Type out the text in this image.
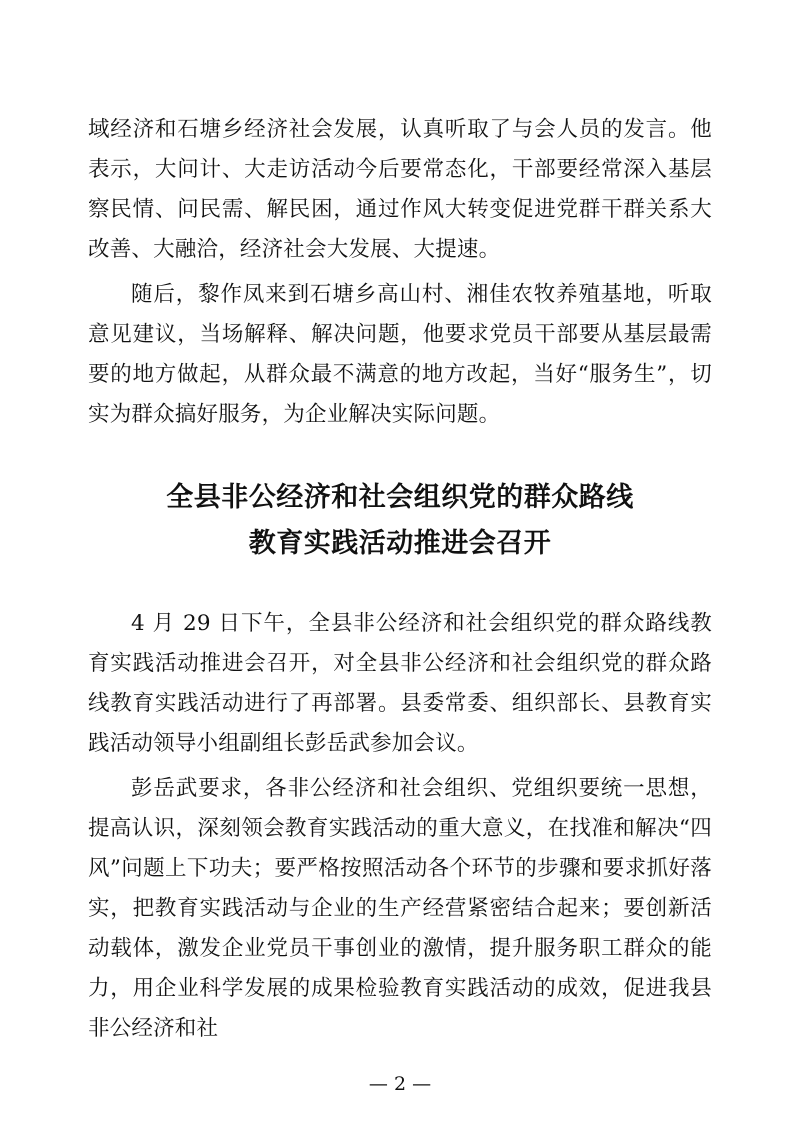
域经济和石塘乡经济社会发展，认真听取了与会人员的发言。他表示，大问计、大走访活动今后要常态化，干部要经常深入基层察民情、问民需、解民困，通过作风大转变促进党群干群关系大改善、大融洽，经济社会大发展、大提速。

随后，黎作凤来到石塘乡高山村、湘佳农牧养殖基地，听取意见建议，当场解释、解决问题，他要求党员干部要从基层最需要的地方做起，从群众最不满意的地方改起，当好“服务生”，切实为群众搞好服务，为企业解决实际问题。

全县非公经济和社会组织党的群众路线
教育实践活动推进会召开

4 月 29 日下午，全县非公经济和社会组织党的群众路线教育实践活动推进会召开，对全县非公经济和社会组织党的群众路线教育实践活动进行了再部署。县委常委、组织部长、县教育实践活动领导小组副组长彭岳武参加会议。

彭岳武要求，各非公经济和社会组织、党组织要统一思想，提高认识，深刻领会教育实践活动的重大意义，在找准和解决“四风”问题上下功夫；要严格按照活动各个环节的步骤和要求抓好落实，把教育实践活动与企业的生产经营紧密结合起来；要创新活动载体，激发企业党员干事创业的激情，提升服务职工群众的能力，用企业科学发展的成果检验教育实践活动的成效，促进我县非公经济和社

— 2 —
